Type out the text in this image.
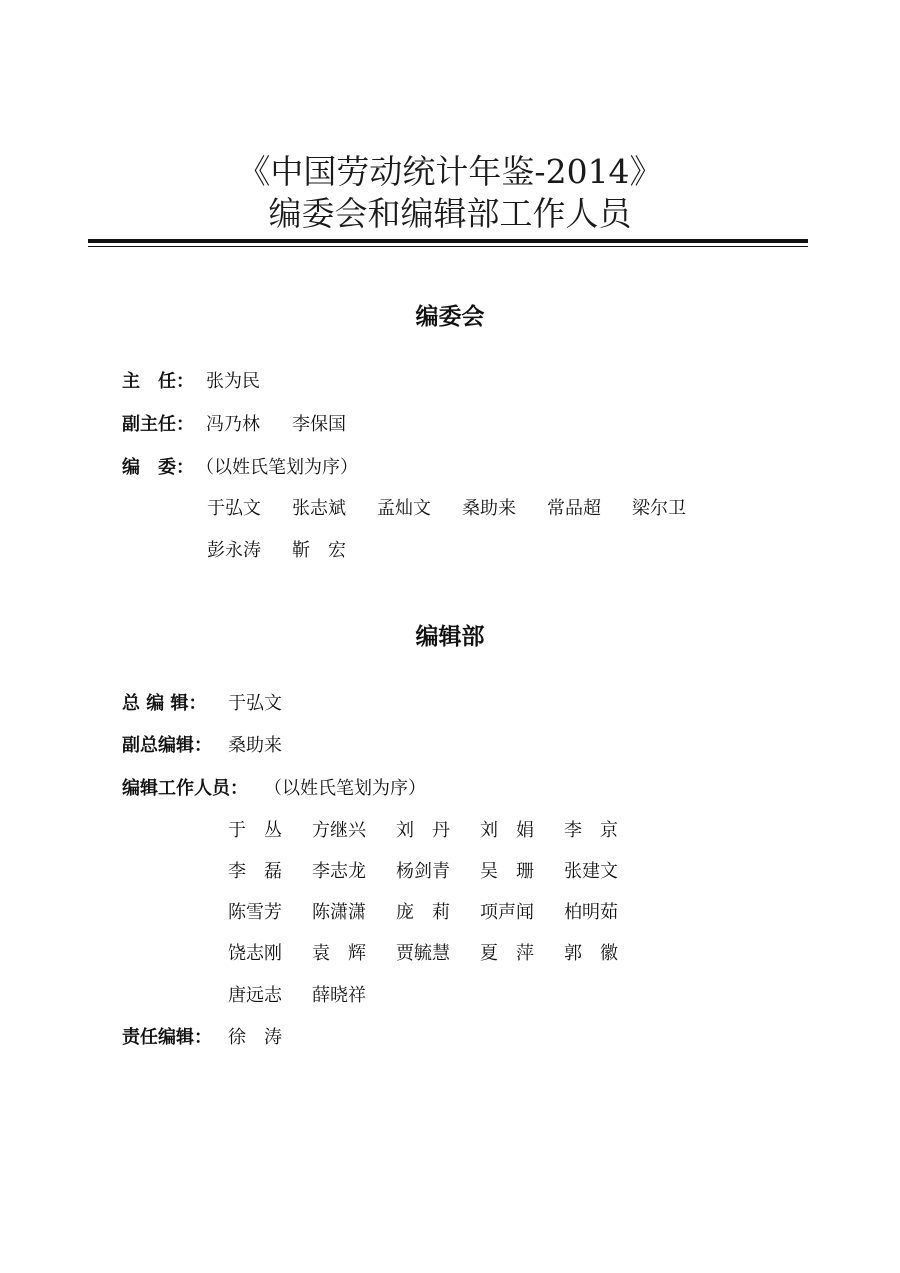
《中国劳动统计年鉴-2014》
编委会和编辑部工作人员
编委会
主　任： 张为民
副主任： 冯乃林 李保国
编　委： （以姓氏笔划为序）
于弘文 张志斌 孟灿文 桑助来 常品超 梁尔卫
彭永涛 靳　宏
编辑部
总 编 辑： 于弘文
副总编辑： 桑助来
编辑工作人员： （以姓氏笔划为序）
于　丛 方继兴 刘　丹 刘　娟 李　京
李　磊 李志龙 杨剑青 吴　珊 张建文
陈雪芳 陈潇潇 庞　莉 项声闻 柏明茹
饶志刚 袁　辉 贾毓慧 夏　萍 郭　徽
唐远志 薛晓祥
责任编辑： 徐　涛
